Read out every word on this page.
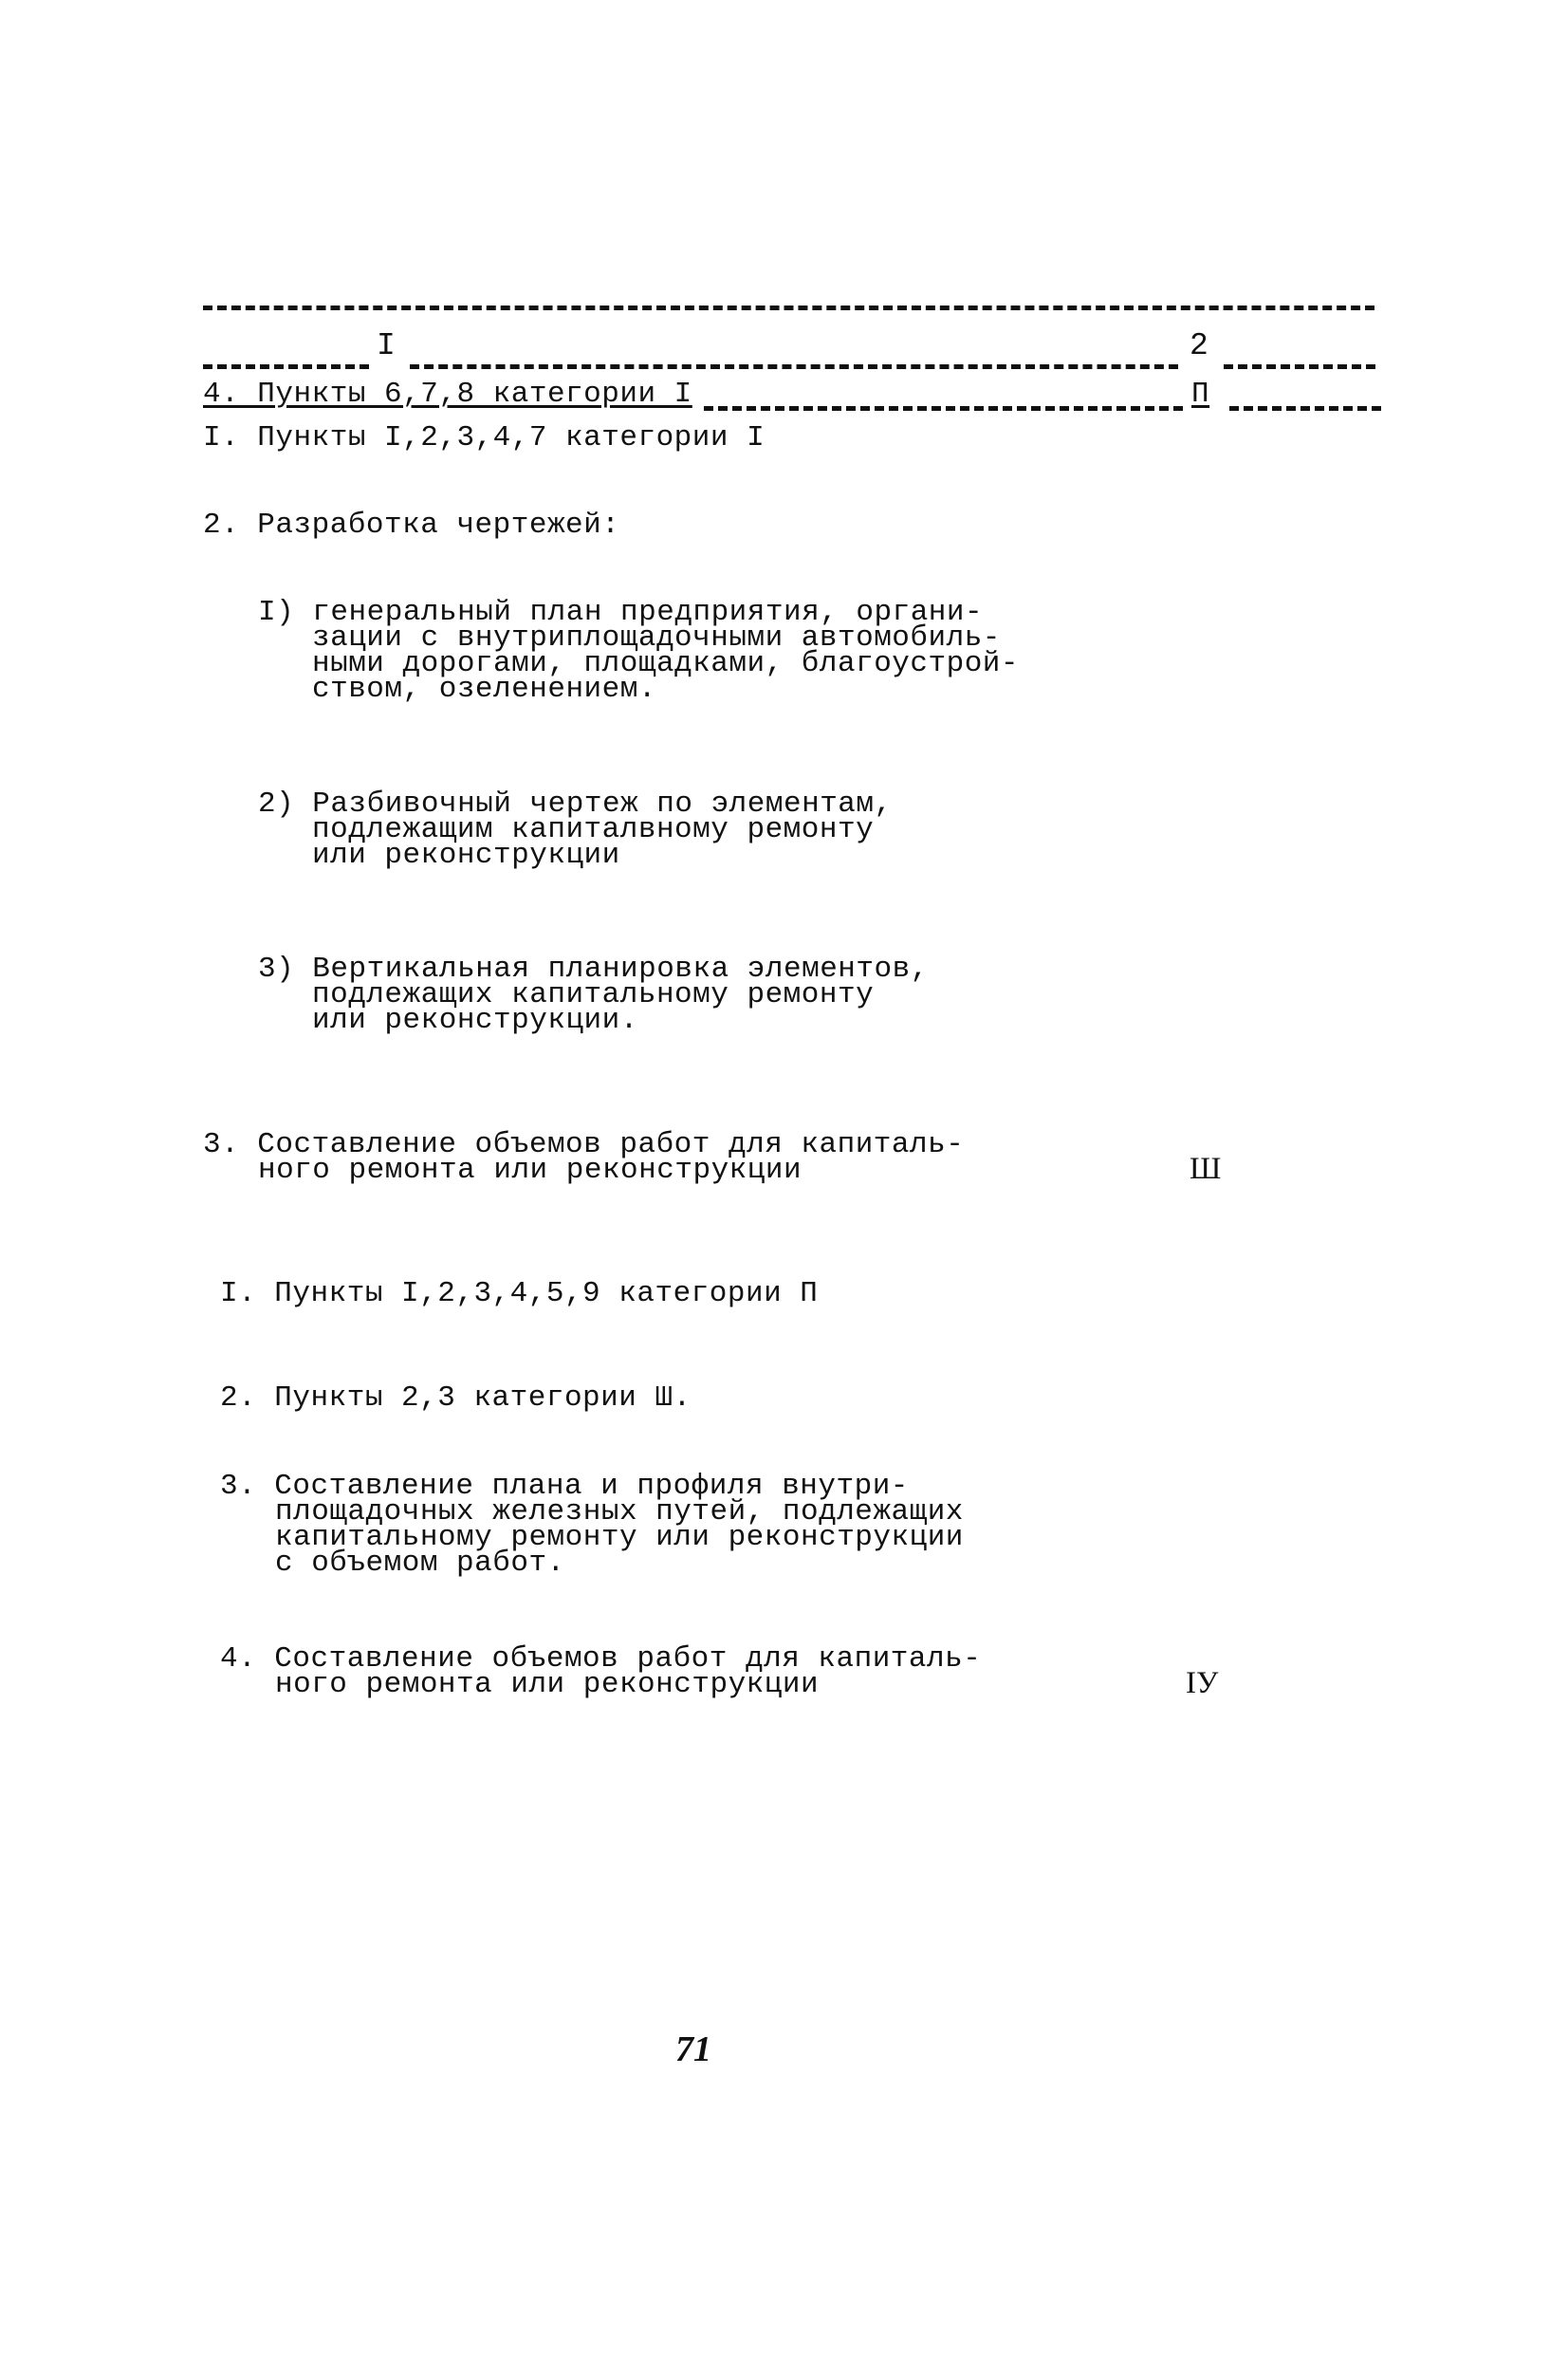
I	2
4. Пункты 6,7,8 категории I	П
I. Пункты I,2,3,4,7 категории I
2. Разработка чертежей:
I) генеральный план предприятия, органи-
зации с внутриплощадочными автомобиль-
ными дорогами, площадками, благоустрой-
ством, озеленением.
2) Разбивочный чертеж по элементам,
подлежащим капиталвному ремонту
или реконструкции
3) Вертикальная планировка элементов,
подлежащих капитальному ремонту
или реконструкции.
3. Составление объемов работ для капиталь-
ного ремонта или реконструкции	Ш
I. Пункты I,2,3,4,5,9 категории П
2. Пункты 2,3 категории Ш.
3. Составление плана и профиля внутри-
площадочных железных путей, подлежащих
капитальному ремонту или реконструкции
с объемом работ.
4. Составление объемов работ для капиталь-
ного ремонта или реконструкции	IУ
71
